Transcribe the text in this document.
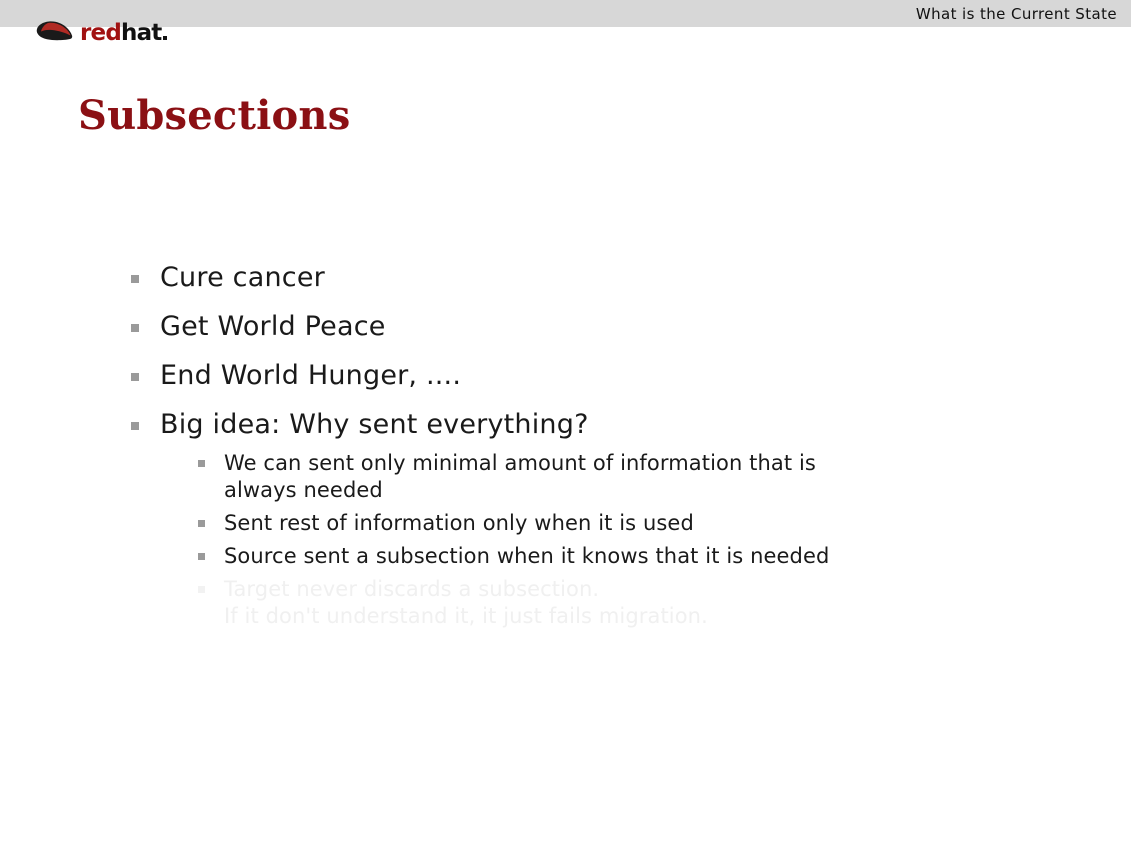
What is the Current State
redhat
Subsections
Cure cancer
Get World Peace
End World Hunger, ....
Big idea: Why sent everything?
We can sent only minimal amount of information that is
always needed
Sent rest of information only when it is used
Source sent a subsection when it knows that it is needed
Target never discards a subsection.
If it don't understand it, it just fails migration.
